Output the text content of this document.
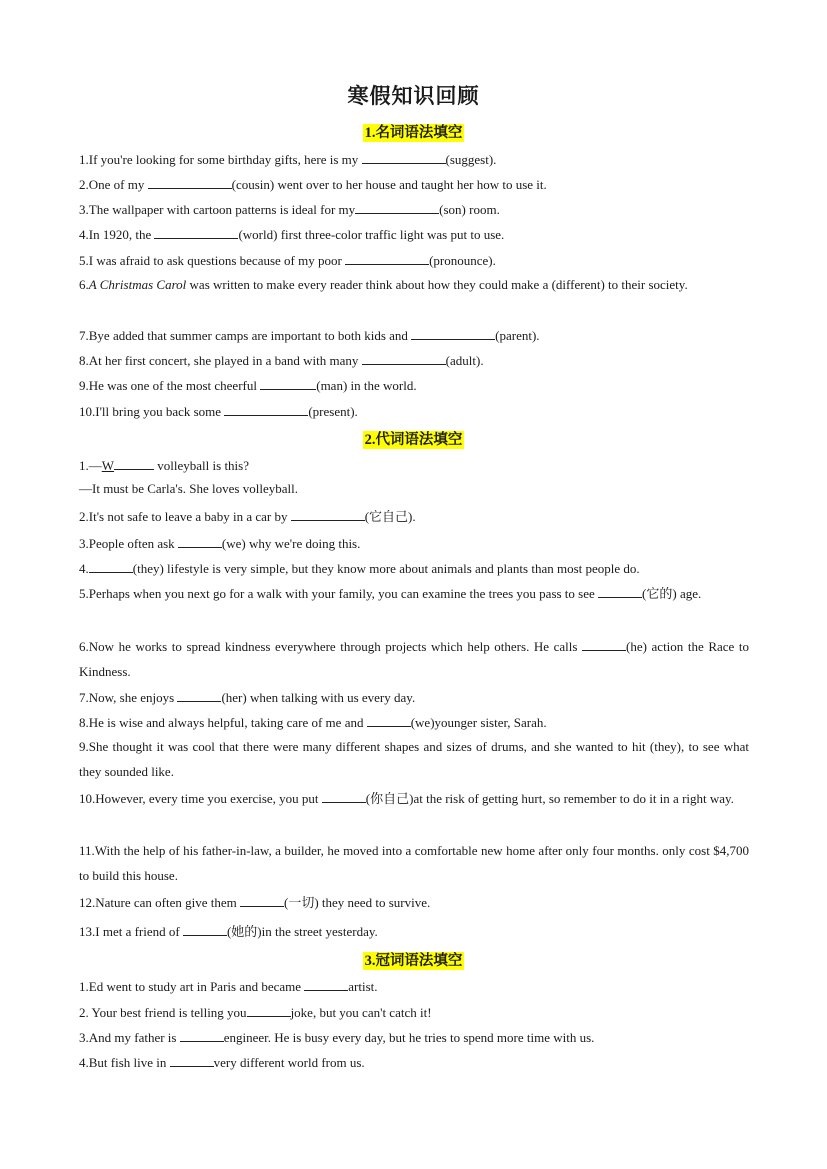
寒假知识回顾
1.名词语法填空
1.If you're looking for some birthday gifts, here is my	(suggest).
2.One of my	(cousin) went over to her house and taught her how to use it.
3.The wallpaper with cartoon patterns is ideal for my	(son) room.
4.In 1920, the	(world) first three-color traffic light was put to use.
5.I was afraid to ask questions because of my poor	(pronounce).
6.A Christmas Carol was written to make every reader think about how they could make a (different) to their society.
7.Bye added that summer camps are important to both kids and	(parent).
8.At her first concert, she played in a band with many	(adult).
9.He was one of the most cheerful	(man) in the world.
10.I'll bring you back some	(present).
2.代词语法填空
1.—W	volleyball is this?
—It must be Carla's. She loves volleyball.
2.It's not safe to leave a baby in a car by	(它自己).
3.People often ask	(we) why we're doing this.
4.	(they) lifestyle is very simple, but they know more about animals and plants than most people do.
5.Perhaps when you next go for a walk with your family, you can examine the trees you pass to see	(它的) age.
6.Now he works to spread kindness everywhere through projects which help others. He calls	(he) action the Race to Kindness.
7.Now, she enjoys	(her) when talking with us every day.
8.He is wise and always helpful, taking care of me and	(we)younger sister, Sarah.
9.She thought it was cool that there were many different shapes and sizes of drums, and she wanted to hit (they), to see what they sounded like.
10.However, every time you exercise, you put	(你自己)at the risk of getting hurt, so remember to do it in a right way.
11.With the help of his father-in-law, a builder, he moved into a comfortable new home after only four months. only cost $4,700 to build this house.
12.Nature can often give them	(一切) they need to survive.
13.I met a friend of	(她的)in the street yesterday.
3.冠词语法填空
1.Ed went to study art in Paris and became	artist.
2. Your best friend is telling you	joke, but you can't catch it!
3.And my father is	engineer. He is busy every day, but he tries to spend more time with us.
4.But fish live in	very different world from us.
